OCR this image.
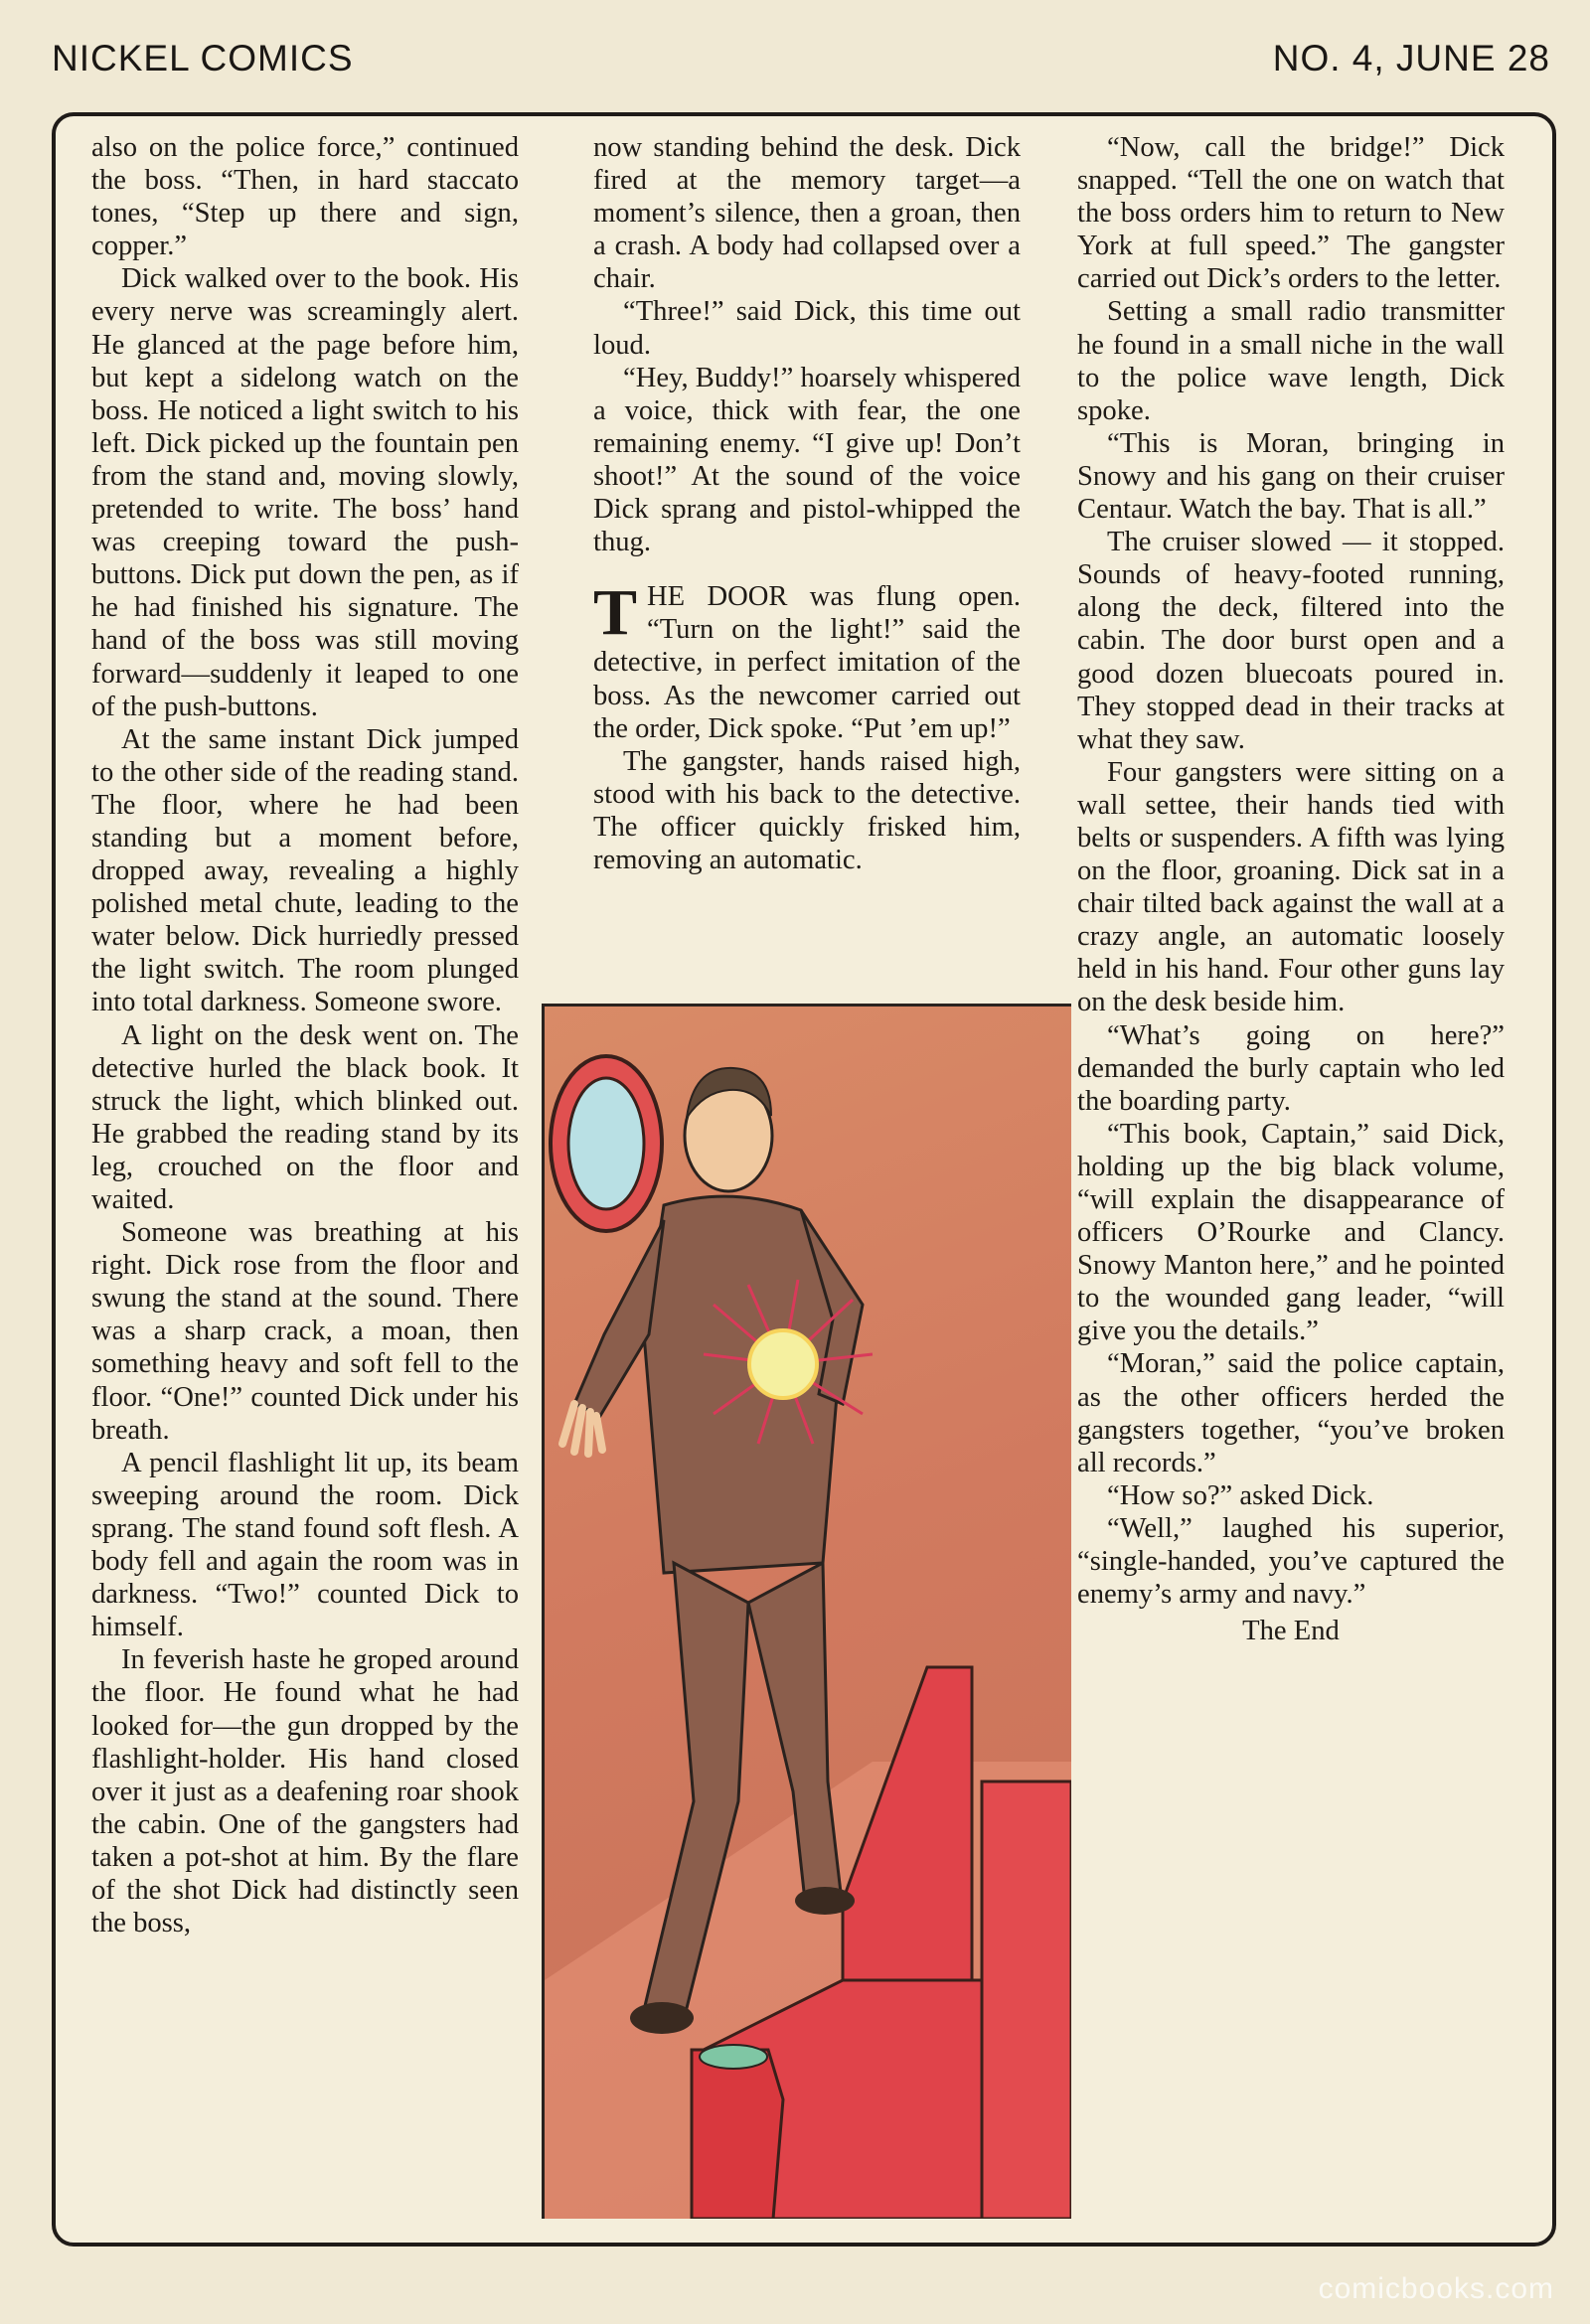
NICKEL COMICS	NO. 4, JUNE 28

also on the police force,” continued the boss. “Then, in hard staccato tones, “Step up there and sign, copper.”

Dick walked over to the book. His every nerve was screamingly alert. He glanced at the page before him, but kept a sidelong watch on the boss. He noticed a light switch to his left. Dick picked up the fountain pen from the stand and, moving slowly, pretended to write. The boss’ hand was creeping toward the push-buttons. Dick put down the pen, as if he had finished his signature. The hand of the boss was still moving forward—suddenly it leaped to one of the push-buttons.

At the same instant Dick jumped to the other side of the reading stand. The floor, where he had been standing but a moment before, dropped away, revealing a highly polished metal chute, leading to the water below. Dick hurriedly pressed the light switch. The room plunged into total darkness. Someone swore.

A light on the desk went on. The detective hurled the black book. It struck the light, which blinked out. He grabbed the reading stand by its leg, crouched on the floor and waited.

Someone was breathing at his right. Dick rose from the floor and swung the stand at the sound. There was a sharp crack, a moan, then something heavy and soft fell to the floor. “One!” counted Dick under his breath.

A pencil flashlight lit up, its beam sweeping around the room. Dick sprang. The stand found soft flesh. A body fell and again the room was in darkness. “Two!” counted Dick to himself.

In feverish haste he groped around the floor. He found what he had looked for—the gun dropped by the flashlight-holder. His hand closed over it just as a deafening roar shook the cabin. One of the gangsters had taken a pot-shot at him. By the flare of the shot Dick had distinctly seen the boss,

now standing behind the desk. Dick fired at the memory target—a moment’s silence, then a groan, then a crash. A body had collapsed over a chair.

“Three!” said Dick, this time out loud.

“Hey, Buddy!” hoarsely whispered a voice, thick with fear, the one remaining enemy. “I give up! Don’t shoot!” At the sound of the voice Dick sprang and pistol-whipped the thug.

THE DOOR was flung open. “Turn on the light!” said the detective, in perfect imitation of the boss. As the newcomer carried out the order, Dick spoke. “Put ’em up!”

The gangster, hands raised high, stood with his back to the detective. The officer quickly frisked him, removing an automatic.

“Now, call the bridge!” Dick snapped. “Tell the one on watch that the boss orders him to return to New York at full speed.” The gangster carried out Dick’s orders to the letter.

Setting a small radio transmitter he found in a small niche in the wall to the police wave length, Dick spoke.

“This is Moran, bringing in Snowy and his gang on their cruiser Centaur. Watch the bay. That is all.”

The cruiser slowed — it stopped. Sounds of heavy-footed running, along the deck, filtered into the cabin. The door burst open and a good dozen bluecoats poured in. They stopped dead in their tracks at what they saw.

Four gangsters were sitting on a wall settee, their hands tied with belts or suspenders. A fifth was lying on the floor, groaning. Dick sat in a chair tilted back against the wall at a crazy angle, an automatic loosely held in his hand. Four other guns lay on the desk beside him.

“What’s going on here?” demanded the burly captain who led the boarding party.

“This book, Captain,” said Dick, holding up the big black volume, “will explain the disappearance of officers O’Rourke and Clancy. Snowy Manton here,” and he pointed to the wounded gang leader, “will give you the details.”

“Moran,” said the police captain, as the other officers herded the gangsters together, “you’ve broken all records.”

“How so?” asked Dick.

“Well,” laughed his superior, “single-handed, you’ve captured the enemy’s army and navy.”

The End

comicbooks.com
